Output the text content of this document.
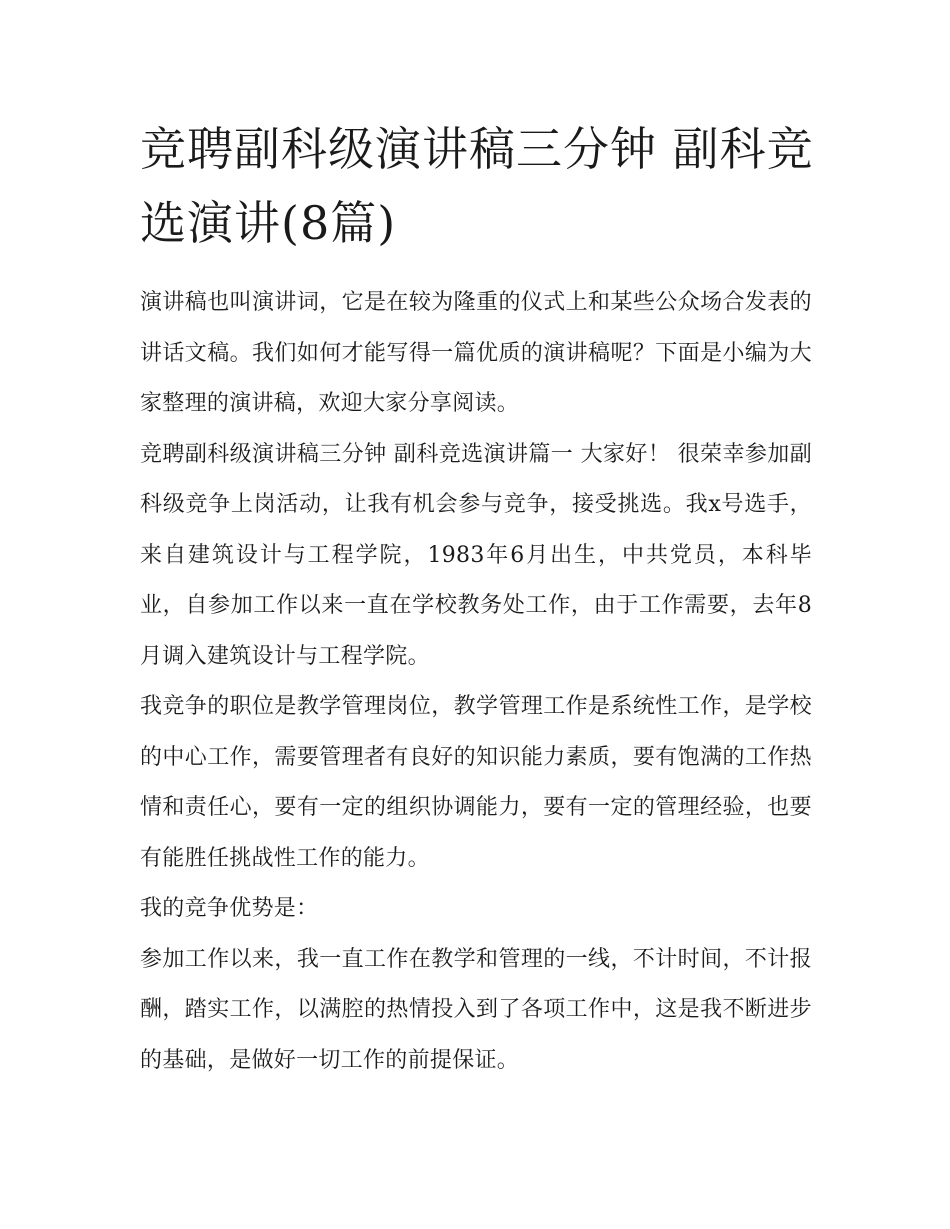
竞聘副科级演讲稿三分钟 副科竞选演讲(8篇)

演讲稿也叫演讲词，它是在较为隆重的仪式上和某些公众场合发表的讲话文稿。我们如何才能写得一篇优质的演讲稿呢？下面是小编为大家整理的演讲稿，欢迎大家分享阅读。

竞聘副科级演讲稿三分钟 副科竞选演讲篇一 大家好！ 很荣幸参加副科级竞争上岗活动，让我有机会参与竞争，接受挑选。我x号选手，来自建筑设计与工程学院，1983年6月出生，中共党员，本科毕业，自参加工作以来一直在学校教务处工作，由于工作需要，去年8月调入建筑设计与工程学院。

我竞争的职位是教学管理岗位，教学管理工作是系统性工作，是学校的中心工作，需要管理者有良好的知识能力素质，要有饱满的工作热情和责任心，要有一定的组织协调能力，要有一定的管理经验，也要有能胜任挑战性工作的能力。

我的竞争优势是：

参加工作以来，我一直工作在教学和管理的一线，不计时间，不计报酬，踏实工作，以满腔的热情投入到了各项工作中，这是我不断进步的基础，是做好一切工作的前提保证。
